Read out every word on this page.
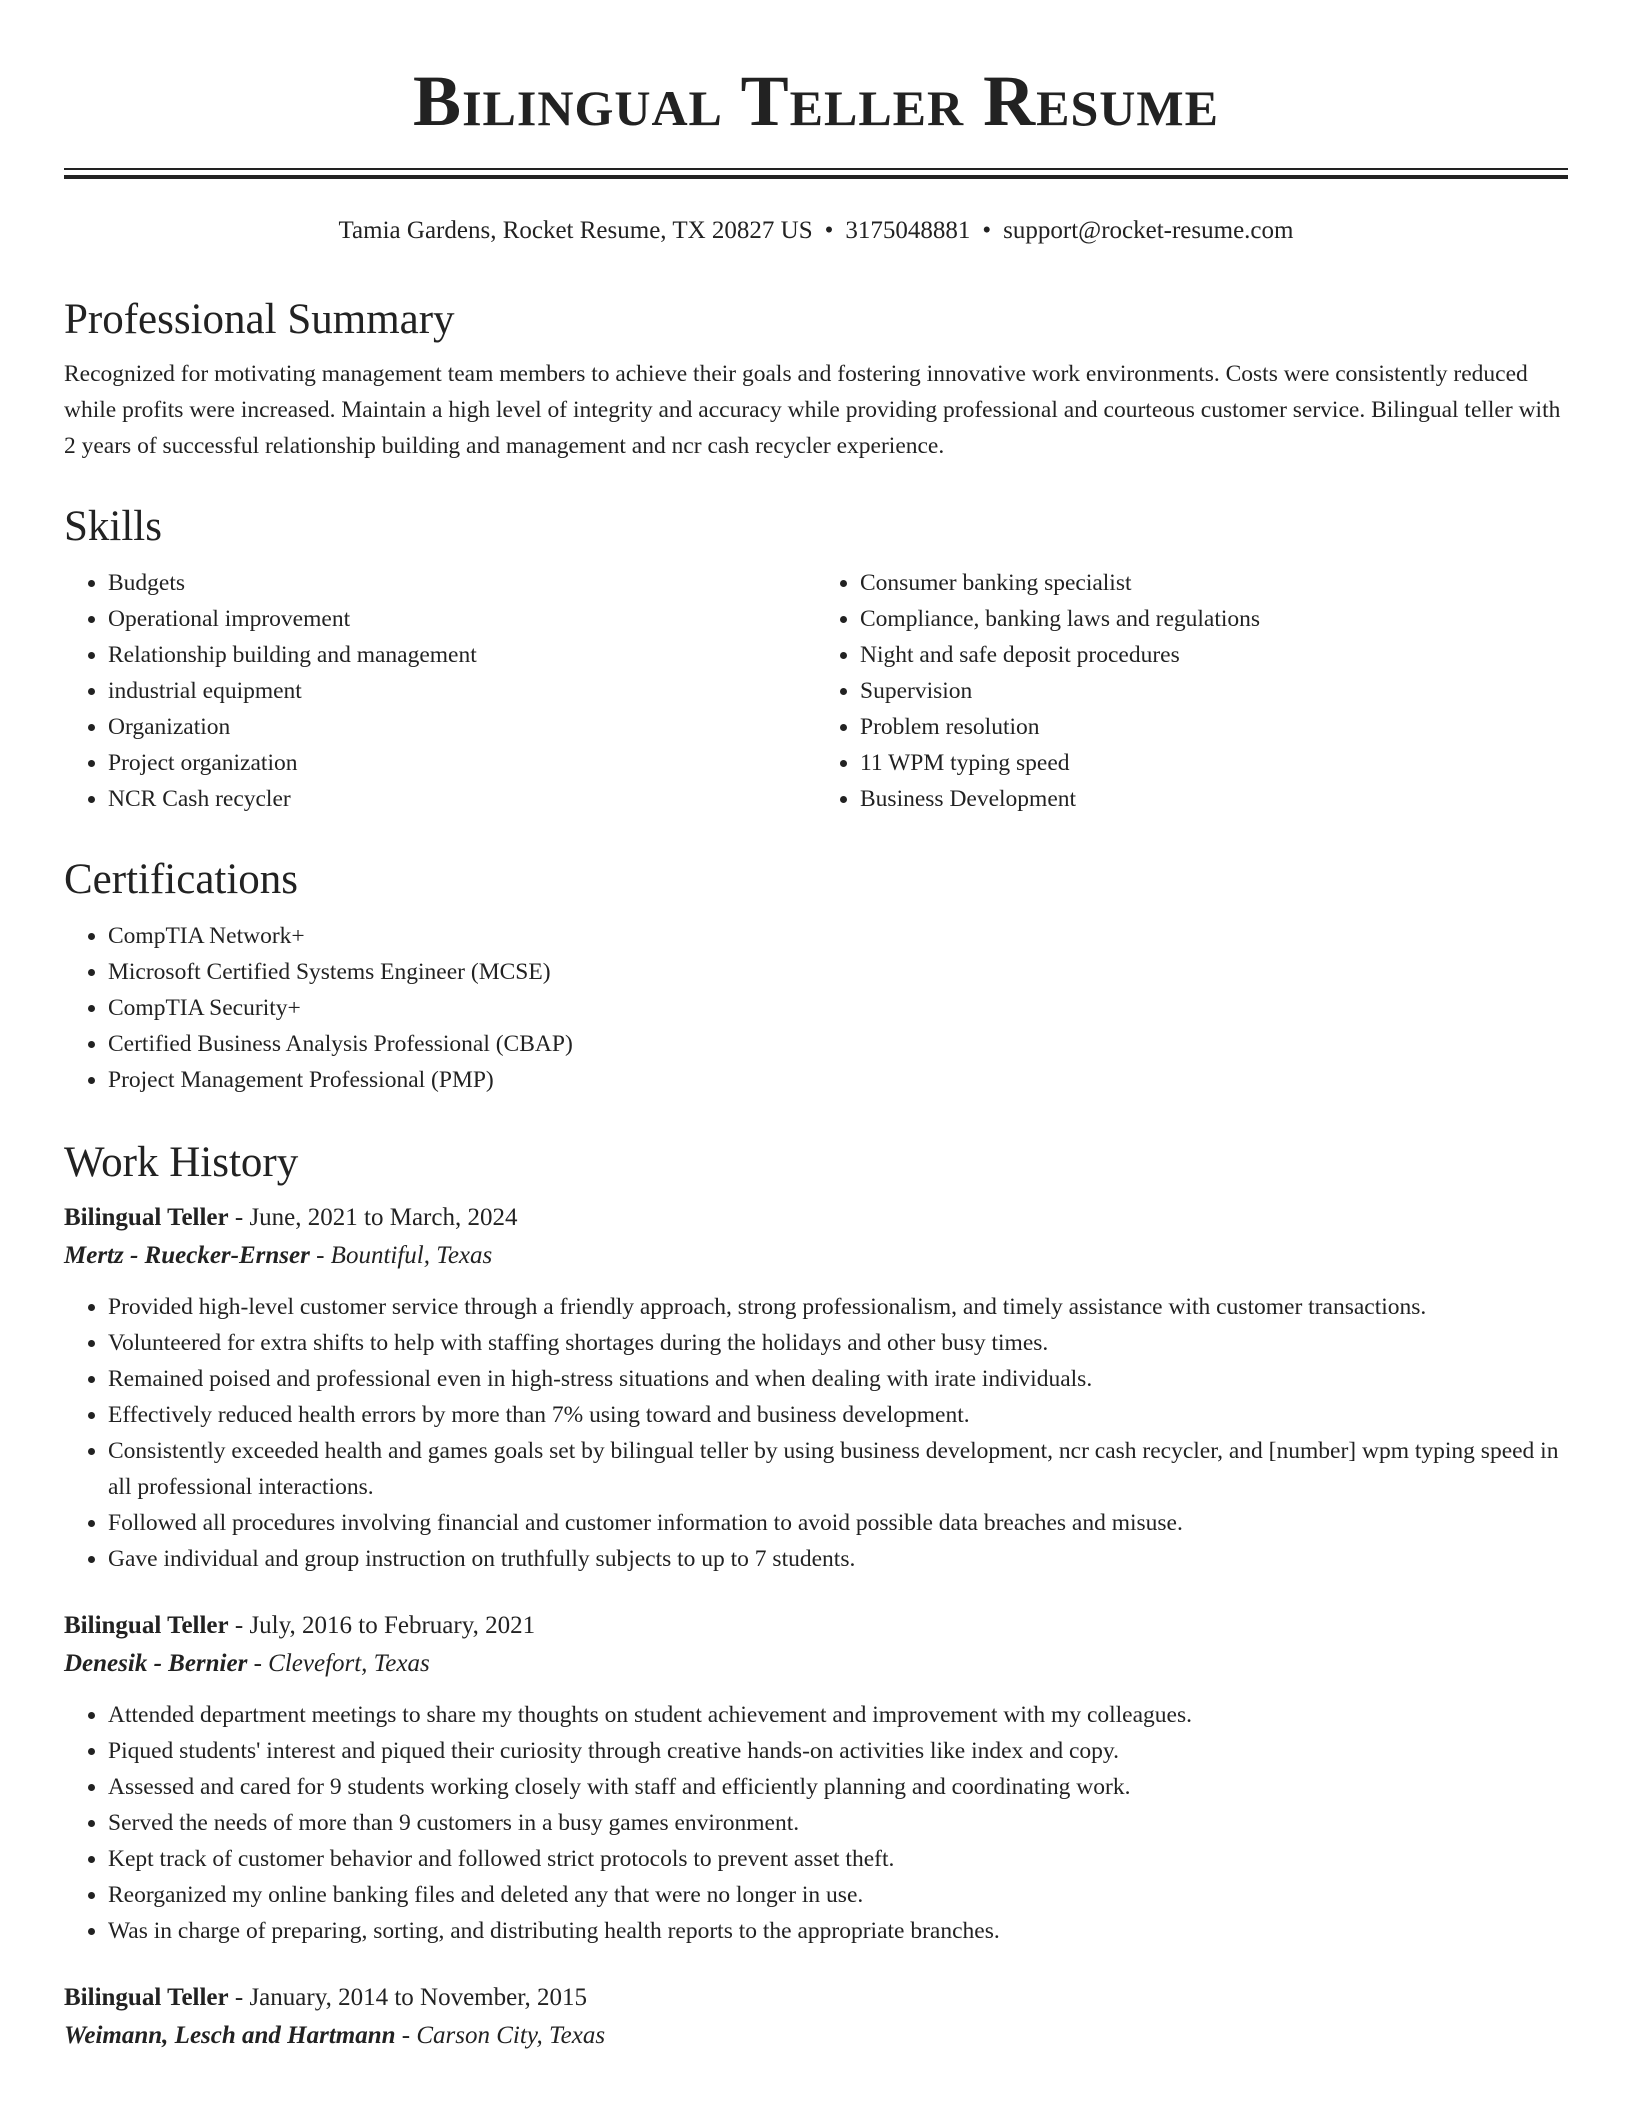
Bilingual Teller Resume
Tamia Gardens, Rocket Resume, TX 20827 US • 3175048881 • support@rocket-resume.com
Professional Summary

Recognized for motivating management team members to achieve their goals and fostering innovative work environments. Costs were consistently reduced while profits were increased. Maintain a high level of integrity and accuracy while providing professional and courteous customer service. Bilingual teller with 2 years of successful relationship building and management and ncr cash recycler experience.

Skills
• Budgets
• Operational improvement
• Relationship building and management
• industrial equipment
• Organization
• Project organization
• NCR Cash recycler
• Consumer banking specialist
• Compliance, banking laws and regulations
• Night and safe deposit procedures
• Supervision
• Problem resolution
• 11 WPM typing speed
• Business Development
Certifications
• CompTIA Network+
• Microsoft Certified Systems Engineer (MCSE)
• CompTIA Security+
• Certified Business Analysis Professional (CBAP)
• Project Management Professional (PMP)
Work History
Bilingual Teller - June, 2021 to March, 2024
Mertz - Ruecker-Ernser - Bountiful, Texas
• Provided high-level customer service through a friendly approach, strong professionalism, and timely assistance with customer transactions.
• Volunteered for extra shifts to help with staffing shortages during the holidays and other busy times.
• Remained poised and professional even in high-stress situations and when dealing with irate individuals.
• Effectively reduced health errors by more than 7% using toward and business development.
• Consistently exceeded health and games goals set by bilingual teller by using business development, ncr cash recycler, and [number] wpm typing speed in all professional interactions.
• Followed all procedures involving financial and customer information to avoid possible data breaches and misuse.
• Gave individual and group instruction on truthfully subjects to up to 7 students.
Bilingual Teller - July, 2016 to February, 2021
Denesik - Bernier - Clevefort, Texas
• Attended department meetings to share my thoughts on student achievement and improvement with my colleagues.
• Piqued students' interest and piqued their curiosity through creative hands-on activities like index and copy.
• Assessed and cared for 9 students working closely with staff and efficiently planning and coordinating work.
• Served the needs of more than 9 customers in a busy games environment.
• Kept track of customer behavior and followed strict protocols to prevent asset theft.
• Reorganized my online banking files and deleted any that were no longer in use.
• Was in charge of preparing, sorting, and distributing health reports to the appropriate branches.
Bilingual Teller - January, 2014 to November, 2015
Weimann, Lesch and Hartmann - Carson City, Texas
